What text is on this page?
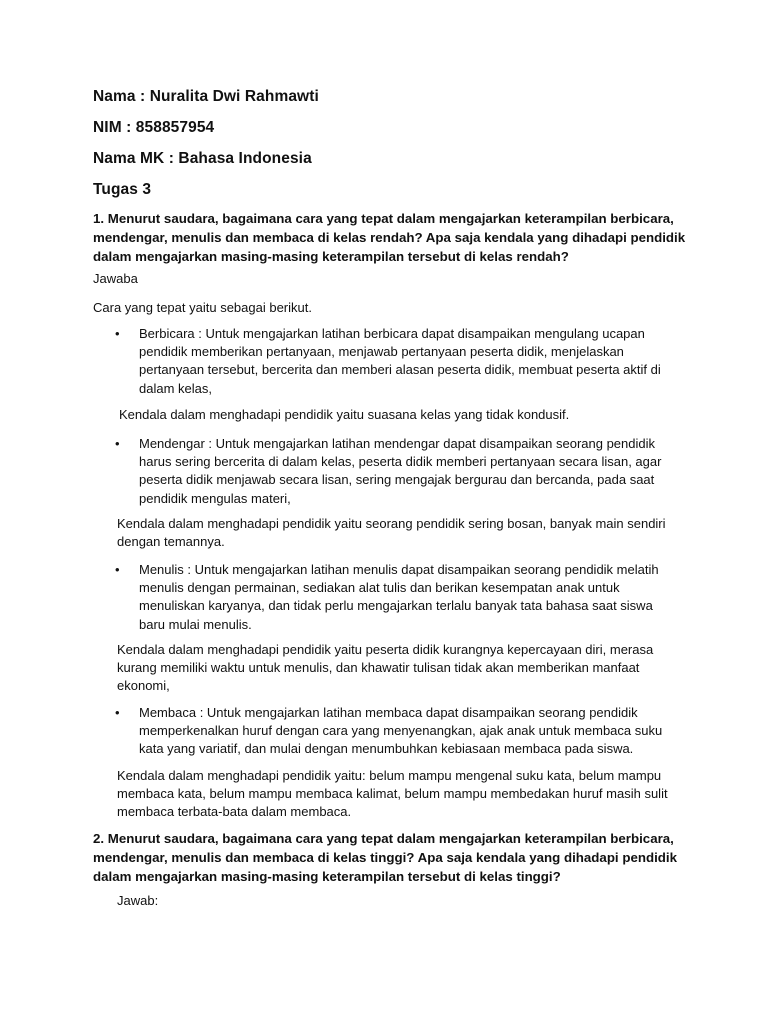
Nama : Nuralita Dwi Rahmawti
NIM : 858857954
Nama MK : Bahasa Indonesia
Tugas 3
1. Menurut saudara, bagaimana cara yang tepat dalam mengajarkan keterampilan berbicara, mendengar, menulis dan membaca di kelas rendah? Apa saja kendala yang dihadapi pendidik dalam mengajarkan masing-masing keterampilan tersebut di kelas rendah?
Jawaba
Cara yang tepat yaitu sebagai berikut.
• Berbicara : Untuk mengajarkan latihan berbicara dapat disampaikan mengulang ucapan pendidik memberikan pertanyaan, menjawab pertanyaan peserta didik, menjelaskan pertanyaan tersebut, bercerita dan memberi alasan peserta didik, membuat peserta aktif di dalam kelas,
Kendala dalam menghadapi pendidik yaitu suasana kelas yang tidak kondusif.
• Mendengar : Untuk mengajarkan latihan mendengar dapat disampaikan seorang pendidik harus sering bercerita di dalam kelas, peserta didik memberi pertanyaan secara lisan, agar peserta didik menjawab secara lisan, sering mengajak bergurau dan bercanda, pada saat pendidik mengulas materi,
Kendala dalam menghadapi pendidik yaitu seorang pendidik sering bosan, banyak main sendiri dengan temannya.
• Menulis : Untuk mengajarkan latihan menulis dapat disampaikan seorang pendidik melatih menulis dengan permainan, sediakan alat tulis dan berikan kesempatan anak untuk menuliskan karyanya, dan tidak perlu mengajarkan terlalu banyak tata bahasa saat siswa baru mulai menulis.
Kendala dalam menghadapi pendidik yaitu peserta didik kurangnya kepercayaan diri, merasa kurang memiliki waktu untuk menulis, dan khawatir tulisan tidak akan memberikan manfaat ekonomi,
• Membaca : Untuk mengajarkan latihan membaca dapat disampaikan seorang pendidik memperkenalkan huruf dengan cara yang menyenangkan, ajak anak untuk membaca suku kata yang variatif, dan mulai dengan menumbuhkan kebiasaan membaca pada siswa.
Kendala dalam menghadapi pendidik yaitu: belum mampu mengenal suku kata, belum mampu membaca kata, belum mampu membaca kalimat, belum mampu membedakan huruf masih sulit membaca terbata-bata dalam membaca.
2. Menurut saudara, bagaimana cara yang tepat dalam mengajarkan keterampilan berbicara, mendengar, menulis dan membaca di kelas tinggi? Apa saja kendala yang dihadapi pendidik dalam mengajarkan masing-masing keterampilan tersebut di kelas tinggi?
Jawab:
